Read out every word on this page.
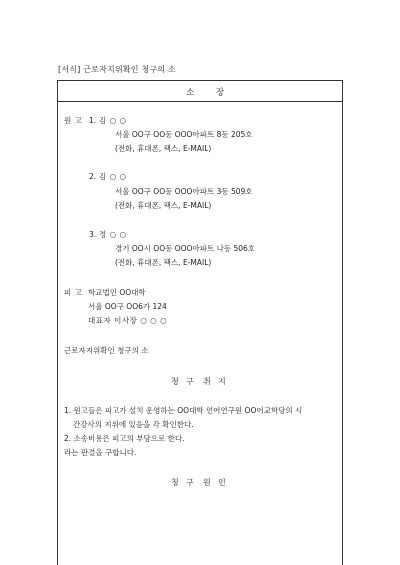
[서식] 근로자지위확인 청구의 소
소	장
원 고 1. 김 ○ ○
서울 OO구 OO동 OOO아파트 8동 205호
(전화, 휴대폰, 팩스, E-MAIL)
2. 김 ○ ○
서울 OO구 OO동 OOO아파트 3동 509호
(전화, 휴대폰, 팩스, E-MAIL)
3. 정 ○ ○
경기 OO시 OO동 OOO아파트 나동 506호
(전화, 휴대폰, 팩스, E-MAIL)
피 고 학교법인 OO대학
서울 OO구 OO6가 124
대표자 이사장 ○ ○ ○
근로자지위확인 청구의 소
청 구 취 지
1. 원고들은 피고가 설치 운영하는 OO대학 언어연구원 OO어교학당의 시
간강사의 지위에 있음을 각 확인한다.
2. 소송비용은 피고의 부담으로 한다.
라는 판결을 구합니다.
청 구 원 인
